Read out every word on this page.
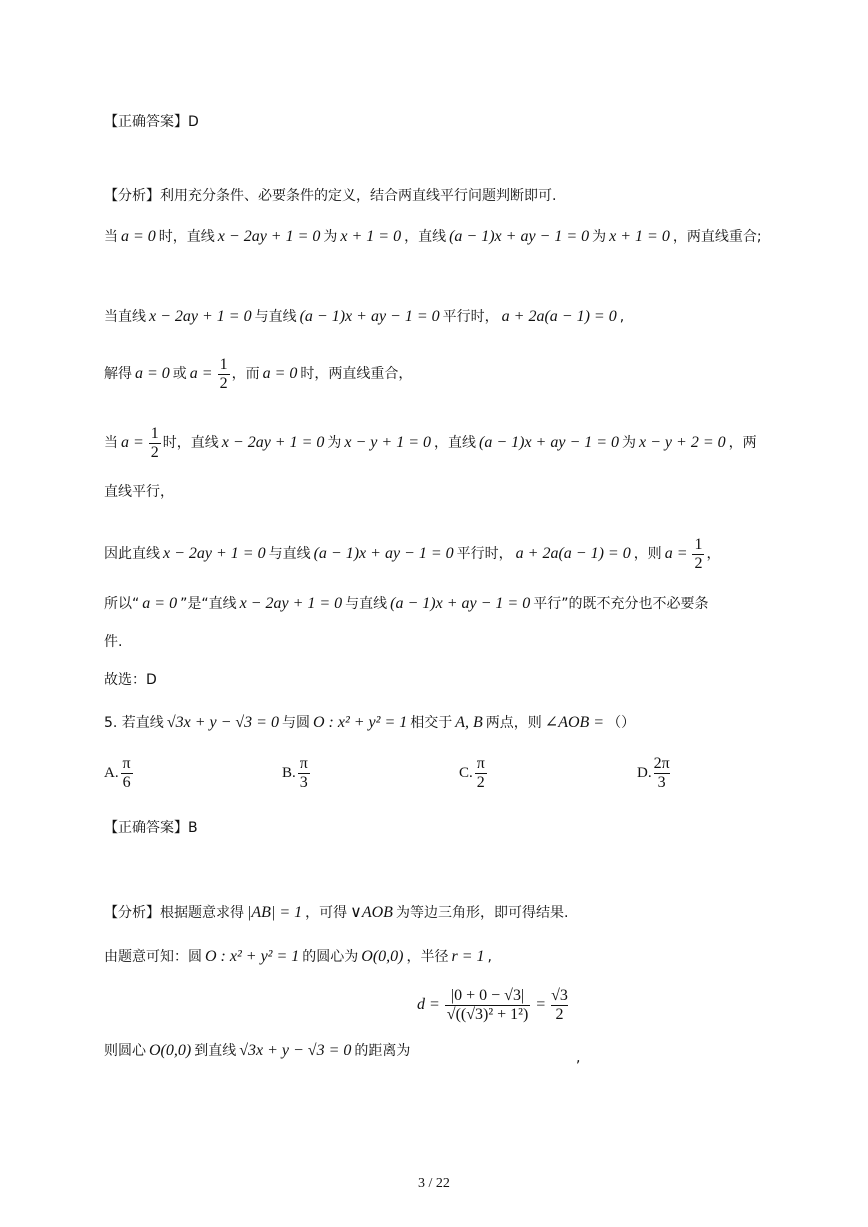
【正确答案】D
【分析】利用充分条件、必要条件的定义，结合两直线平行问题判断即可.
当 a = 0 时，直线 x − 2ay + 1 = 0 为 x + 1 = 0 ，直线 (a − 1)x + ay − 1 = 0 为 x + 1 = 0 ，两直线重合;
当直线 x − 2ay + 1 = 0 与直线 (a − 1)x + ay − 1 = 0 平行时， a + 2a(a − 1) = 0 ,
解得 a = 0 或 $a = \frac{1}{2}$ ，而 a = 0 时，两直线重合，
当 $a = \frac{1}{2}$ 时，直线 x − 2ay + 1 = 0 为 x − y + 1 = 0 ，直线 (a − 1)x + ay − 1 = 0 为 x − y + 2 = 0 ，两
直线平行，
因此直线 x − 2ay + 1 = 0 与直线 (a − 1)x + ay − 1 = 0 平行时， a + 2a(a − 1) = 0 ，则 $a = \frac{1}{2}$ ，
所以“ a = 0 ”是“直线 x − 2ay + 1 = 0 与直线 (a − 1)x + ay − 1 = 0 平行”的既不充分也不必要条
件.
故选：D
5. 若直线 √3x + y − √3 = 0 与圆 O : x² + y² = 1 相交于 A, B 两点，则 ∠AOB = （）
A. $\frac{\pi}{6}$	B. $\frac{\pi}{3}$	C. $\frac{\pi}{2}$	D. $\frac{2\pi}{3}$
【正确答案】B
【分析】根据题意求得 |AB| = 1 ，可得 ∨AOB 为等边三角形，即可得结果.
由题意可知：圆 O : x² + y² = 1 的圆心为 O(0,0) ，半径 r = 1 ,
$d = \frac{|0 + 0 - √3|}{\text{√((√3)² + 1²)}} = \frac{√3}{2}$
则圆心 O(0,0) 到直线 √3x + y − √3 = 0 的距离为	,
3 / 22
